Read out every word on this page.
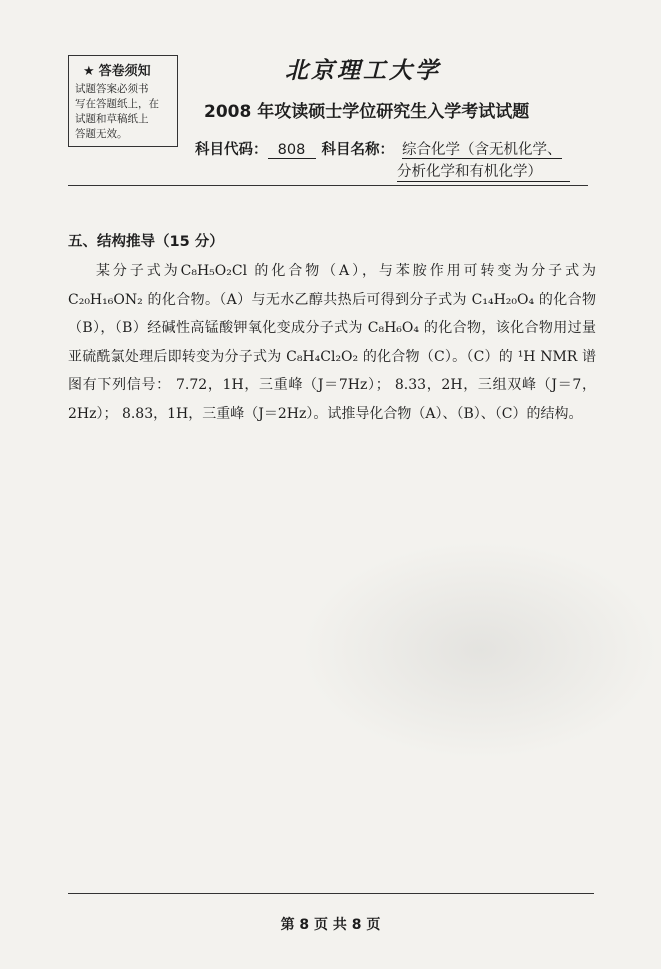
★ 答卷须知
试题答案必须书
写在答题纸上，在
试题和草稿纸上
答题无效。
北京理工大学
2008 年攻读硕士学位研究生入学考试试题
科目代码： 808 科目名称： 综合化学（含无机化学、
分析化学和有机化学）
五、结构推导（15 分）

某分子式为C₈H₅O₂Cl 的化合物（A），与苯胺作用可转变为分子式为 C₂₀H₁₆ON₂ 的化合物。（A）与无水乙醇共热后可得到分子式为 C₁₄H₂₀O₄ 的化合物（B），（B）经碱性高锰酸钾氧化变成分子式为 C₈H₆O₄ 的化合物，该化合物用过量亚硫酰氯处理后即转变为分子式为 C₈H₄Cl₂O₂ 的化合物（C）。（C）的 ¹H NMR 谱图有下列信号： 7.72，1H，三重峰（J＝7Hz）； 8.33，2H，三组双峰（J＝7，2Hz）； 8.83，1H，三重峰（J＝2Hz）。试推导化合物（A）、（B）、（C）的结构。

第 8 页 共 8 页
